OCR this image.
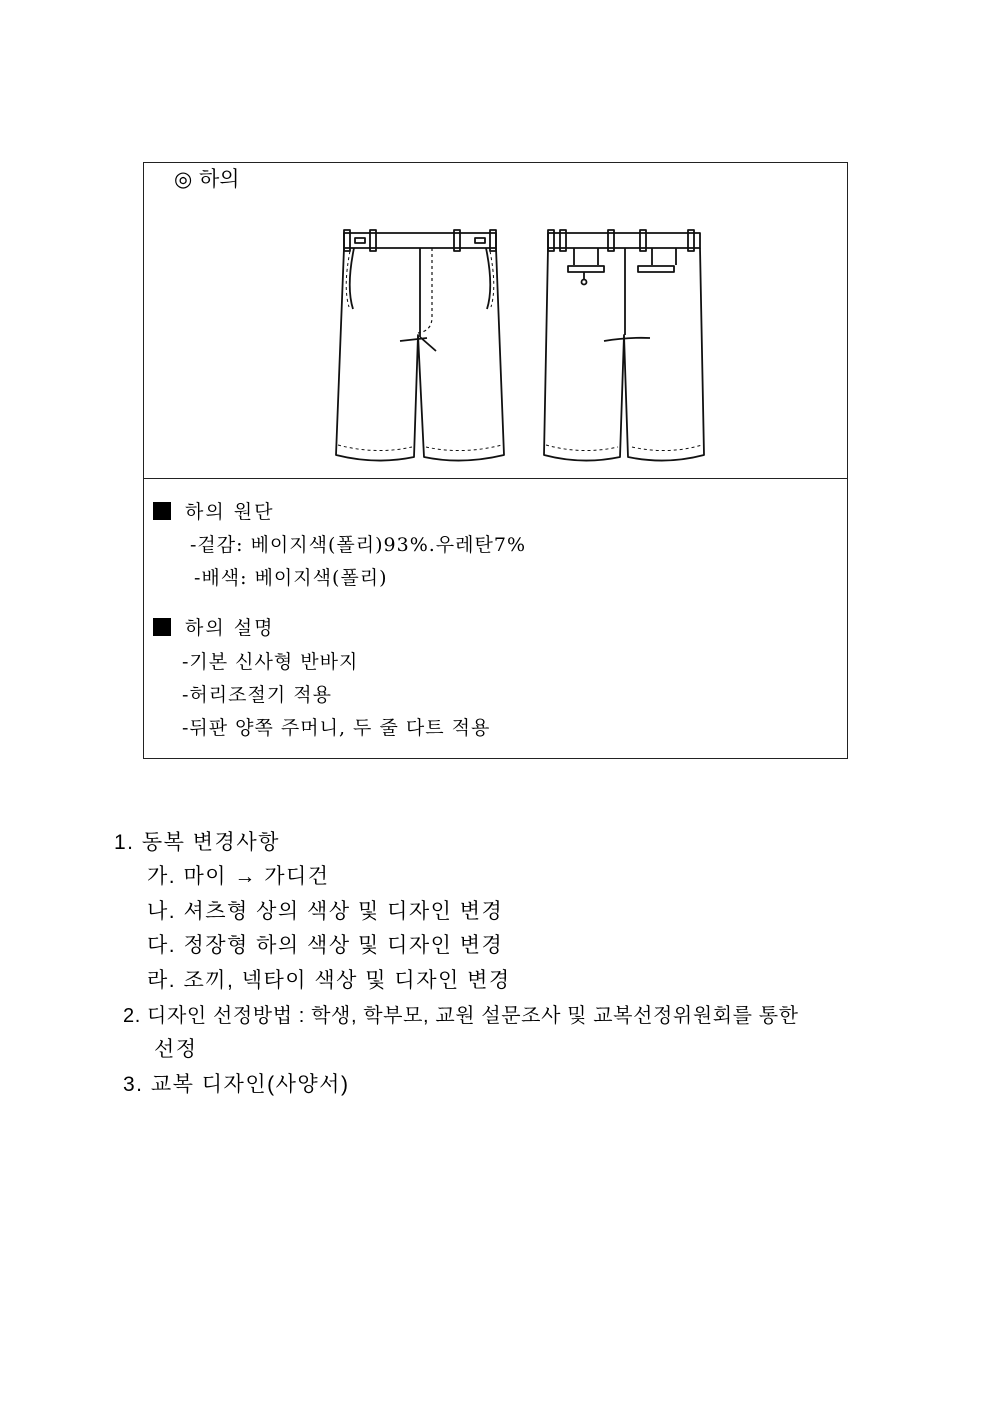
◎ 하의
하의 원단
-겉감: 베이지색(폴리)93%.우레탄7%
-배색: 베이지색(폴리)
하의 설명
-기본 신사형 반바지
-허리조절기 적용
-뒤판 양쪽 주머니, 두 줄 다트 적용
1. 동복 변경사항
가. 마이 → 가디건
나. 셔츠형 상의 색상 및 디자인 변경
다. 정장형 하의 색상 및 디자인 변경
라. 조끼, 넥타이 색상 및 디자인 변경
2. 디자인 선정방법 : 학생, 학부모, 교원 설문조사 및 교복선정위원회를 통한
선정
3. 교복 디자인(사양서)
